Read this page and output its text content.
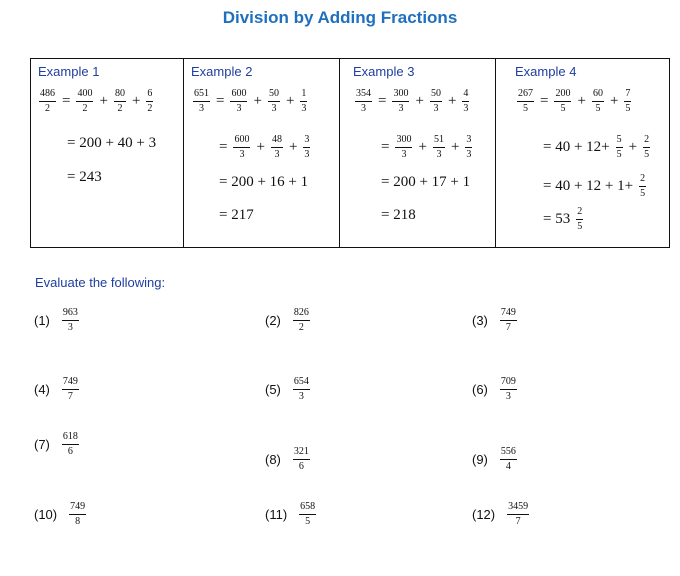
Division by Adding Fractions
Example 1
$\frac{486}{2} = \frac{400}{2} + \frac{80}{2} + \frac{6}{2}$
= 200 + 40 + 3
= 243
Example 2
$\frac{651}{3} = \frac{600}{3} + \frac{50}{3} + \frac{1}{3}$
= $\frac{600}{3} + \frac{48}{3} + \frac{3}{3}$
= 200 + 16 + 1
= 217
Example 3
$\frac{354}{3} = \frac{300}{3} + \frac{50}{3} + \frac{4}{3}$
= $\frac{300}{3} + \frac{51}{3} + \frac{3}{3}$
= 200 + 17 + 1
= 218
Example 4
$\frac{267}{5} = \frac{200}{5} + \frac{60}{5} + \frac{7}{5}$
= $40 + 12+ \frac{5}{5} + \frac{2}{5}$
= $40 + 12 + 1+ \frac{2}{5}$
= $53 \frac{2}{5}$
Evaluate the following:
$(1) \frac{963}{3}$	$(2) \frac{826}{2}$	$(3) \frac{749}{7}$
$(4) \frac{749}{7}$	$(5) \frac{654}{3}$	$(6) \frac{709}{3}$
$(7) \frac{618}{6}$
$(8) \frac{321}{6}$	$(9) \frac{556}{4}$
$(10) \frac{749}{8}$	$(11) \frac{658}{5}$	$(12) \frac{3459}{7}$
